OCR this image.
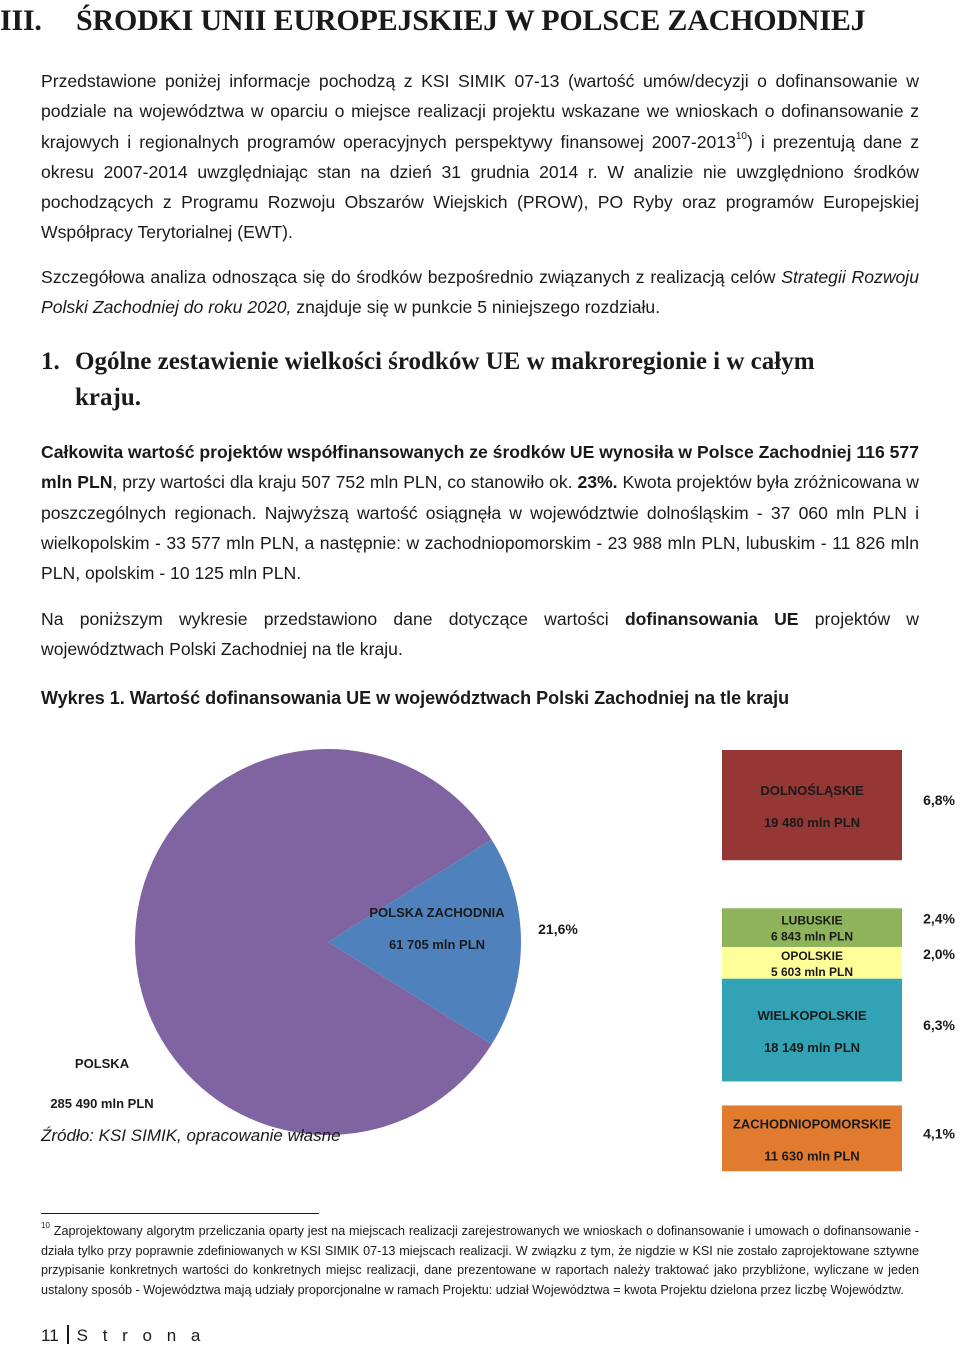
III. ŚRODKI UNII EUROPEJSKIEJ W POLSCE ZACHODNIEJ

Przedstawione poniżej informacje pochodzą z KSI SIMIK 07-13 (wartość umów/decyzji o dofinansowanie w podziale na województwa w oparciu o miejsce realizacji projektu wskazane we wnioskach o dofinansowanie z krajowych i regionalnych programów operacyjnych perspektywy finansowej 2007-2013$^{10}$) i prezentują dane z okresu 2007-2014 uwzględniając stan na dzień 31 grudnia 2014 r. W analizie nie uwzględniono środków pochodzących z Programu Rozwoju Obszarów Wiejskich (PROW), PO Ryby oraz programów Europejskiej Współpracy Terytorialnej (EWT).

Szczegółowa analiza odnosząca się do środków bezpośrednio związanych z realizacją celów Strategii Rozwoju Polski Zachodniej do roku 2020, znajduje się w punkcie 5 niniejszego rozdziału.

1. Ogólne zestawienie wielkości środków UE w makroregionie i w całym
kraju.

Całkowita wartość projektów współfinansowanych ze środków UE wynosiła w Polsce Zachodniej 116 577 mln PLN, przy wartości dla kraju 507 752 mln PLN, co stanowiło ok. 23%. Kwota projektów była zróżnicowana w poszczególnych regionach. Najwyższą wartość osiągnęła w województwie dolnośląskim - 37 060 mln PLN i wielkopolskim - 33 577 mln PLN, a następnie: w zachodniopomorskim - 23 988 mln PLN, lubuskim - 11 826 mln PLN, opolskim - 10 125 mln PLN.

Na poniższym wykresie przedstawiono dane dotyczące wartości dofinansowania UE projektów w województwach Polski Zachodniej na tle kraju.

Wykres 1. Wartość dofinansowania UE w województwach Polski Zachodniej na tle kraju
POLSKA
285 490 mln PLN
POLSKA ZACHODNIA
61 705 mln PLN
21,6%
DOLNOŚLĄSKIE
19 480 mln PLN
6,8%
LUBUSKIE
6 843 mln PLN
2,4%
OPOLSKIE
5 603 mln PLN
2,0%
WIELKOPOLSKIE
18 149 mln PLN
6,3%
ZACHODNIOPOMORSKIE
11 630 mln PLN
4,1%
Źródło: KSI SIMIK, opracowanie własne

$^{10}$ Zaprojektowany algorytm przeliczania oparty jest na miejscach realizacji zarejestrowanych we wnioskach o dofinansowanie i umowach o dofinansowanie - działa tylko przy poprawnie zdefiniowanych w KSI SIMIK 07-13 miejscach realizacji. W związku z tym, że nigdzie w KSI nie zostało zaprojektowane sztywne przypisanie konkretnych wartości do konkretnych miejsc realizacji, dane prezentowane w raportach należy traktować jako przybliżone, wyliczane w jeden ustalony sposób - Województwa mają udziały proporcjonalne w ramach Projektu: udział Województwa = kwota Projektu dzielona przez liczbę Województw.

11 S t r o n a
